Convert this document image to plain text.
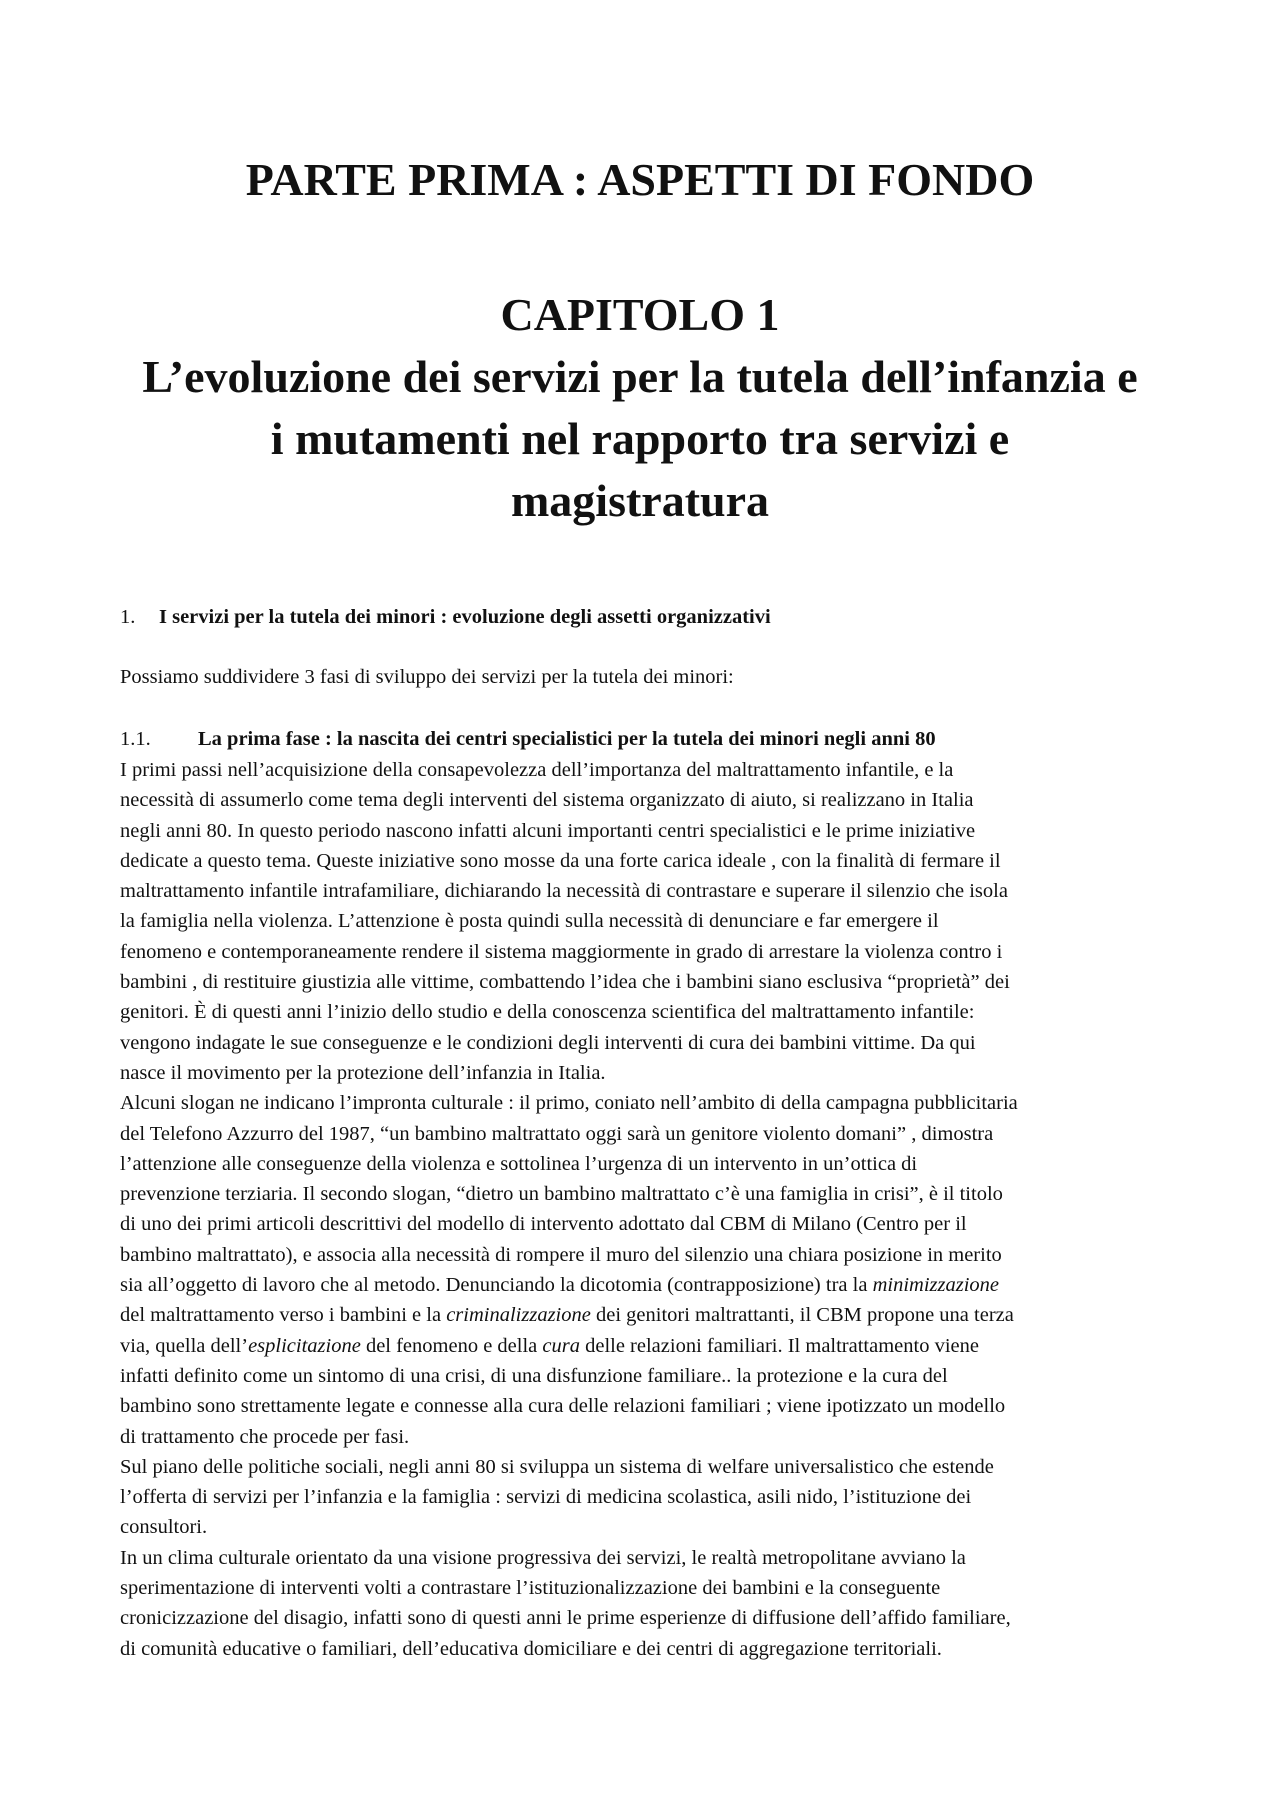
PARTE PRIMA : ASPETTI DI FONDO
CAPITOLO 1
L’evoluzione dei servizi per la tutela dell’infanzia e
i mutamenti nel rapporto tra servizi e
magistratura

1. I servizi per la tutela dei minori : evoluzione degli assetti organizzativi

Possiamo suddividere 3 fasi di sviluppo dei servizi per la tutela dei minori:

1.1. La prima fase : la nascita dei centri specialistici per la tutela dei minori negli anni 80

I primi passi nell’acquisizione della consapevolezza dell’importanza del maltrattamento infantile, e la
necessità di assumerlo come tema degli interventi del sistema organizzato di aiuto, si realizzano in Italia
negli anni 80. In questo periodo nascono infatti alcuni importanti centri specialistici e le prime iniziative
dedicate a questo tema. Queste iniziative sono mosse da una forte carica ideale , con la finalità di fermare il
maltrattamento infantile intrafamiliare, dichiarando la necessità di contrastare e superare il silenzio che isola
la famiglia nella violenza. L’attenzione è posta quindi sulla necessità di denunciare e far emergere il
fenomeno e contemporaneamente rendere il sistema maggiormente in grado di arrestare la violenza contro i
bambini , di restituire giustizia alle vittime, combattendo l’idea che i bambini siano esclusiva “proprietà” dei
genitori. È di questi anni l’inizio dello studio e della conoscenza scientifica del maltrattamento infantile:
vengono indagate le sue conseguenze e le condizioni degli interventi di cura dei bambini vittime. Da qui
nasce il movimento per la protezione dell’infanzia in Italia.
Alcuni slogan ne indicano l’impronta culturale : il primo, coniato nell’ambito di della campagna pubblicitaria
del Telefono Azzurro del 1987, “un bambino maltrattato oggi sarà un genitore violento domani” , dimostra
l’attenzione alle conseguenze della violenza e sottolinea l’urgenza di un intervento in un’ottica di
prevenzione terziaria. Il secondo slogan, “dietro un bambino maltrattato c’è una famiglia in crisi”, è il titolo
di uno dei primi articoli descrittivi del modello di intervento adottato dal CBM di Milano (Centro per il
bambino maltrattato), e associa alla necessità di rompere il muro del silenzio una chiara posizione in merito
sia all’oggetto di lavoro che al metodo. Denunciando la dicotomia (contrapposizione) tra la minimizzazione
del maltrattamento verso i bambini e la criminalizzazione dei genitori maltrattanti, il CBM propone una terza
via, quella dell’esplicitazione del fenomeno e della cura delle relazioni familiari. Il maltrattamento viene
infatti definito come un sintomo di una crisi, di una disfunzione familiare.. la protezione e la cura del
bambino sono strettamente legate e connesse alla cura delle relazioni familiari ; viene ipotizzato un modello
di trattamento che procede per fasi.
Sul piano delle politiche sociali, negli anni 80 si sviluppa un sistema di welfare universalistico che estende
l’offerta di servizi per l’infanzia e la famiglia : servizi di medicina scolastica, asili nido, l’istituzione dei
consultori.
In un clima culturale orientato da una visione progressiva dei servizi, le realtà metropolitane avviano la
sperimentazione di interventi volti a contrastare l’istituzionalizzazione dei bambini e la conseguente
cronicizzazione del disagio, infatti sono di questi anni le prime esperienze di diffusione dell’affido familiare,
di comunità educative o familiari, dell’educativa domiciliare e dei centri di aggregazione territoriali.
